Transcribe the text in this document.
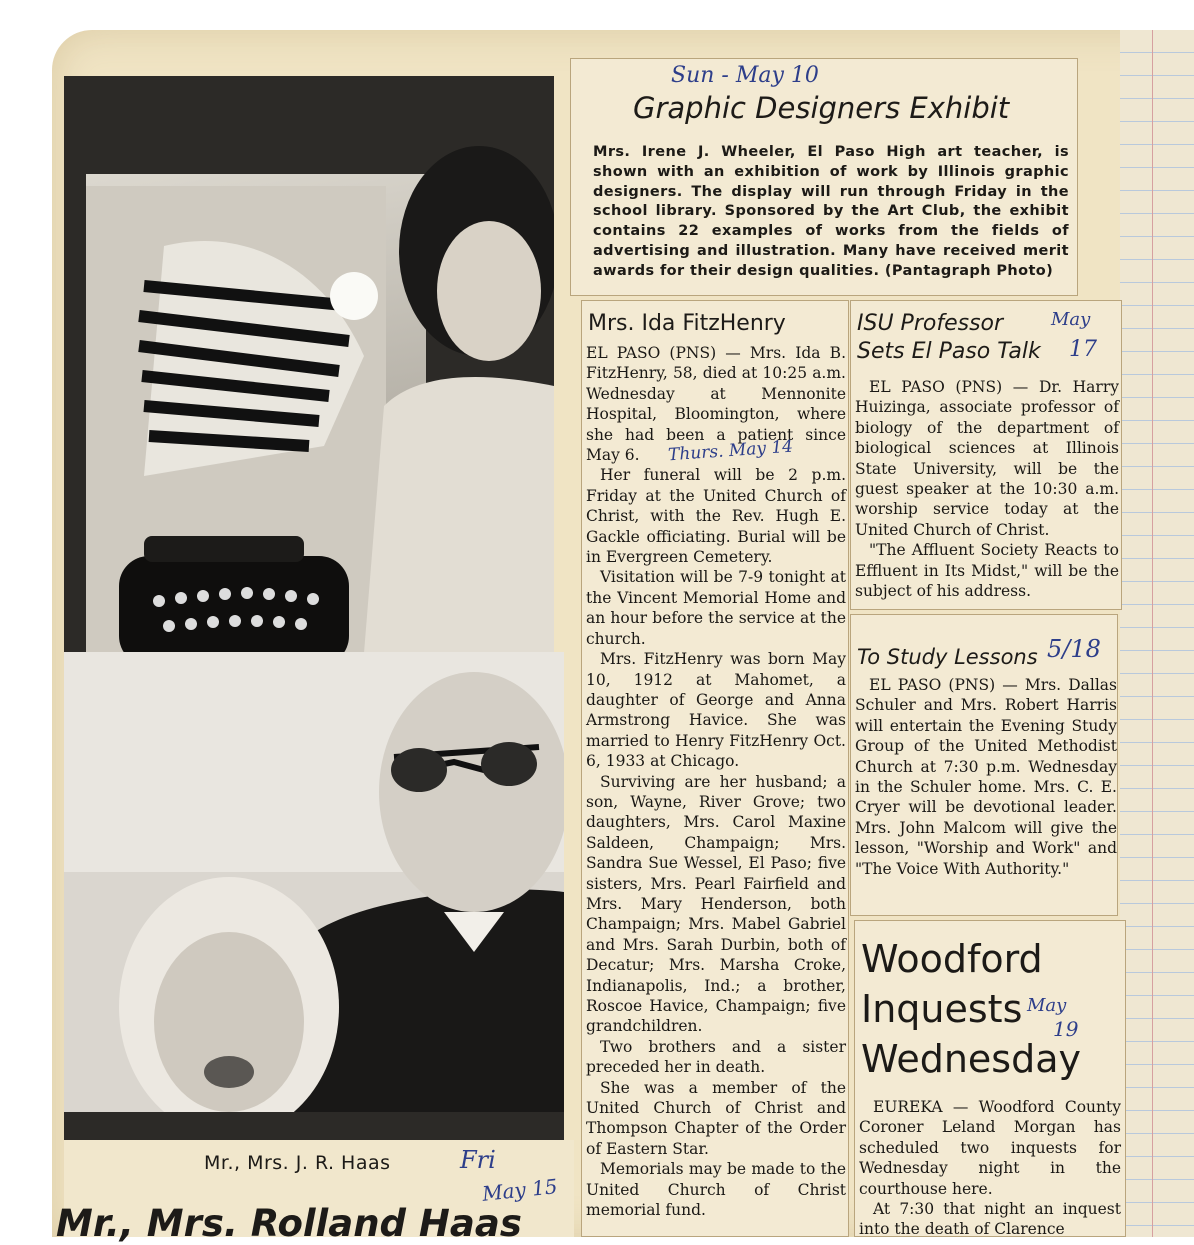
Mr., Mrs. J. R. Haas
Mr., Mrs. Rolland Haas
Fri
May 15
Sun - May 10
Graphic Designers Exhibit
Mrs. Irene J. Wheeler, El Paso High art teacher, is shown with an exhibition of work by Illinois graphic designers. The display will run through Friday in the school library. Sponsored by the Art Club, the exhibit contains 22 examples of works from the fields of advertising and illustration. Many have received merit awards for their design qualities. (Pantagraph Photo)
Mrs. Ida FitzHenry
Thurs. May 14

EL PASO (PNS) — Mrs. Ida B. FitzHenry, 58, died at 10:25 a.m. Wednesday at Mennonite Hospital, Bloomington, where she had been a patient since May 6.

Her funeral will be 2 p.m. Friday at the United Church of Christ, with the Rev. Hugh E. Gackle officiating. Burial will be in Evergreen Cemetery.

Visitation will be 7-9 tonight at the Vincent Memorial Home and an hour before the service at the church.

Mrs. FitzHenry was born May 10, 1912 at Mahomet, a daughter of George and Anna Armstrong Havice. She was married to Henry FitzHenry Oct. 6, 1933 at Chicago.

Surviving are her husband; a son, Wayne, River Grove; two daughters, Mrs. Carol Maxine Saldeen, Champaign; Mrs. Sandra Sue Wessel, El Paso; five sisters, Mrs. Pearl Fairfield and Mrs. Mary Henderson, both Champaign; Mrs. Mabel Gabriel and Mrs. Sarah Durbin, both of Decatur; Mrs. Marsha Croke, Indianapolis, Ind.; a brother, Roscoe Havice, Champaign; five grandchildren.

Two brothers and a sister preceded her in death.

She was a member of the United Church of Christ and Thompson Chapter of the Order of Eastern Star.

Memorials may be made to the United Church of Christ memorial fund.

ISU Professor
Sets El Paso Talk
May
17

EL PASO (PNS) — Dr. Harry Huizinga, associate professor of biology of the department of biological sciences at Illinois State University, will be the guest speaker at the 10:30 a.m. worship service today at the United Church of Christ.

"The Affluent Society Reacts to Effluent in Its Midst," will be the subject of his address.

To Study Lessons 5/18

EL PASO (PNS) — Mrs. Dallas Schuler and Mrs. Robert Harris will entertain the Evening Study Group of the United Methodist Church at 7:30 p.m. Wednesday in the Schuler home. Mrs. C. E. Cryer will be devotional leader. Mrs. John Malcom will give the lesson, "Worship and Work" and "The Voice With Authority."

Woodford
Inquests
Wednesday
May
19

EUREKA — Woodford County Coroner Leland Morgan has scheduled two inquests for Wednesday night in the courthouse here.

At 7:30 that night an inquest into the death of Clarence
